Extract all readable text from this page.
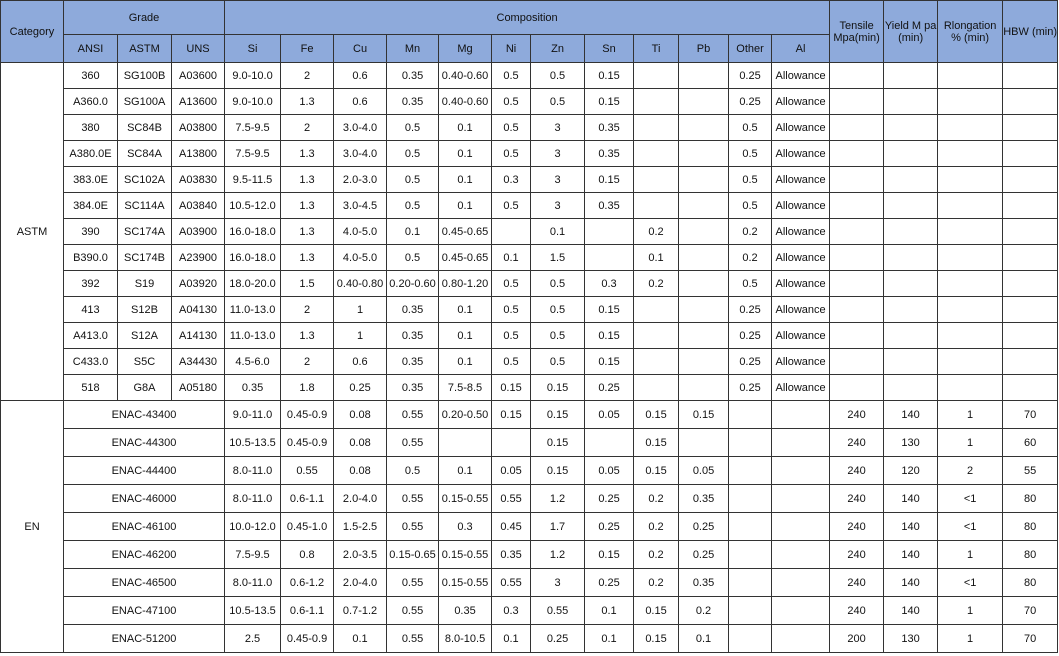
Category	Grade			Composition												Tensile Mpa(min)	Yield M pa (min)	Rlongation % (min)	HBW (min)
	ANSI	ASTM	UNS	Si	Fe	Cu	Mn	Mg	Ni	Zn	Sn	Ti	Pb	Other	Al				
ASTM	360	SG100B	A03600	9.0-10.0	2	0.6	0.35	0.40-0.60	0.5	0.5	0.15			0.25	Allowance				
	A360.0	SG100A	A13600	9.0-10.0	1.3	0.6	0.35	0.40-0.60	0.5	0.5	0.15			0.25	Allowance				
	380	SC84B	A03800	7.5-9.5	2	3.0-4.0	0.5	0.1	0.5	3	0.35			0.5	Allowance				
	A380.0E	SC84A	A13800	7.5-9.5	1.3	3.0-4.0	0.5	0.1	0.5	3	0.35			0.5	Allowance				
	383.0E	SC102A	A03830	9.5-11.5	1.3	2.0-3.0	0.5	0.1	0.3	3	0.15			0.5	Allowance				
	384.0E	SC114A	A03840	10.5-12.0	1.3	3.0-4.5	0.5	0.1	0.5	3	0.35			0.5	Allowance				
	390	SC174A	A03900	16.0-18.0	1.3	4.0-5.0	0.1	0.45-0.65		0.1		0.2		0.2	Allowance				
	B390.0	SC174B	A23900	16.0-18.0	1.3	4.0-5.0	0.5	0.45-0.65	0.1	1.5		0.1		0.2	Allowance				
	392	S19	A03920	18.0-20.0	1.5	0.40-0.80	0.20-0.60	0.80-1.20	0.5	0.5	0.3	0.2		0.5	Allowance				
	413	S12B	A04130	11.0-13.0	2	1	0.35	0.1	0.5	0.5	0.15			0.25	Allowance				
	A413.0	S12A	A14130	11.0-13.0	1.3	1	0.35	0.1	0.5	0.5	0.15			0.25	Allowance				
	C433.0	S5C	A34430	4.5-6.0	2	0.6	0.35	0.1	0.5	0.5	0.15			0.25	Allowance				
	518	G8A	A05180	0.35	1.8	0.25	0.35	7.5-8.5	0.15	0.15	0.25			0.25	Allowance				
EN	ENAC-43400			9.0-11.0	0.45-0.9	0.08	0.55	0.20-0.50	0.15	0.15	0.05	0.15	0.15			240	140	1	70
	ENAC-44300			10.5-13.5	0.45-0.9	0.08	0.55			0.15		0.15				240	130	1	60
	ENAC-44400			8.0-11.0	0.55	0.08	0.5	0.1	0.05	0.15	0.05	0.15	0.05			240	120	2	55
	ENAC-46000			8.0-11.0	0.6-1.1	2.0-4.0	0.55	0.15-0.55	0.55	1.2	0.25	0.2	0.35			240	140	<1	80
	ENAC-46100			10.0-12.0	0.45-1.0	1.5-2.5	0.55	0.3	0.45	1.7	0.25	0.2	0.25			240	140	<1	80
	ENAC-46200			7.5-9.5	0.8	2.0-3.5	0.15-0.65	0.15-0.55	0.35	1.2	0.15	0.2	0.25			240	140	1	80
	ENAC-46500			8.0-11.0	0.6-1.2	2.0-4.0	0.55	0.15-0.55	0.55	3	0.25	0.2	0.35			240	140	<1	80
	ENAC-47100			10.5-13.5	0.6-1.1	0.7-1.2	0.55	0.35	0.3	0.55	0.1	0.15	0.2			240	140	1	70
	ENAC-51200			2.5	0.45-0.9	0.1	0.55	8.0-10.5	0.1	0.25	0.1	0.15	0.1			200	130	1	70
